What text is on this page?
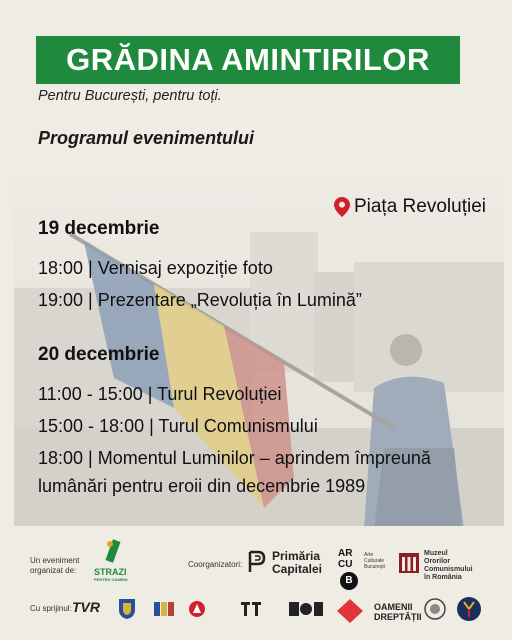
GRĂDINA AMINTIRILOR
Pentru București, pentru toți.
Programul evenimentului
Piața Revoluției
19 decembrie
18:00 | Vernisaj expoziție foto
19:00 | Prezentare „Revoluția în Lumină”
20 decembrie
11:00 - 15:00 | Turul Revoluției
15:00 - 18:00 | Turul Comunismului
18:00 | Momentul Luminilor – aprindem împreună
lumânări pentru eroii din decembrie 1989
Un eveniment
organizat de:	STRAZI
PENTRU OAMENI
Coorganizatori:
Primăria
Capitalei
AR
CU
B
Arte
Culturale
București
Muzeul
Ororilor
Comunismului
în România
Cu sprijinul: TVR	OAMENII
DREPTĂȚII
